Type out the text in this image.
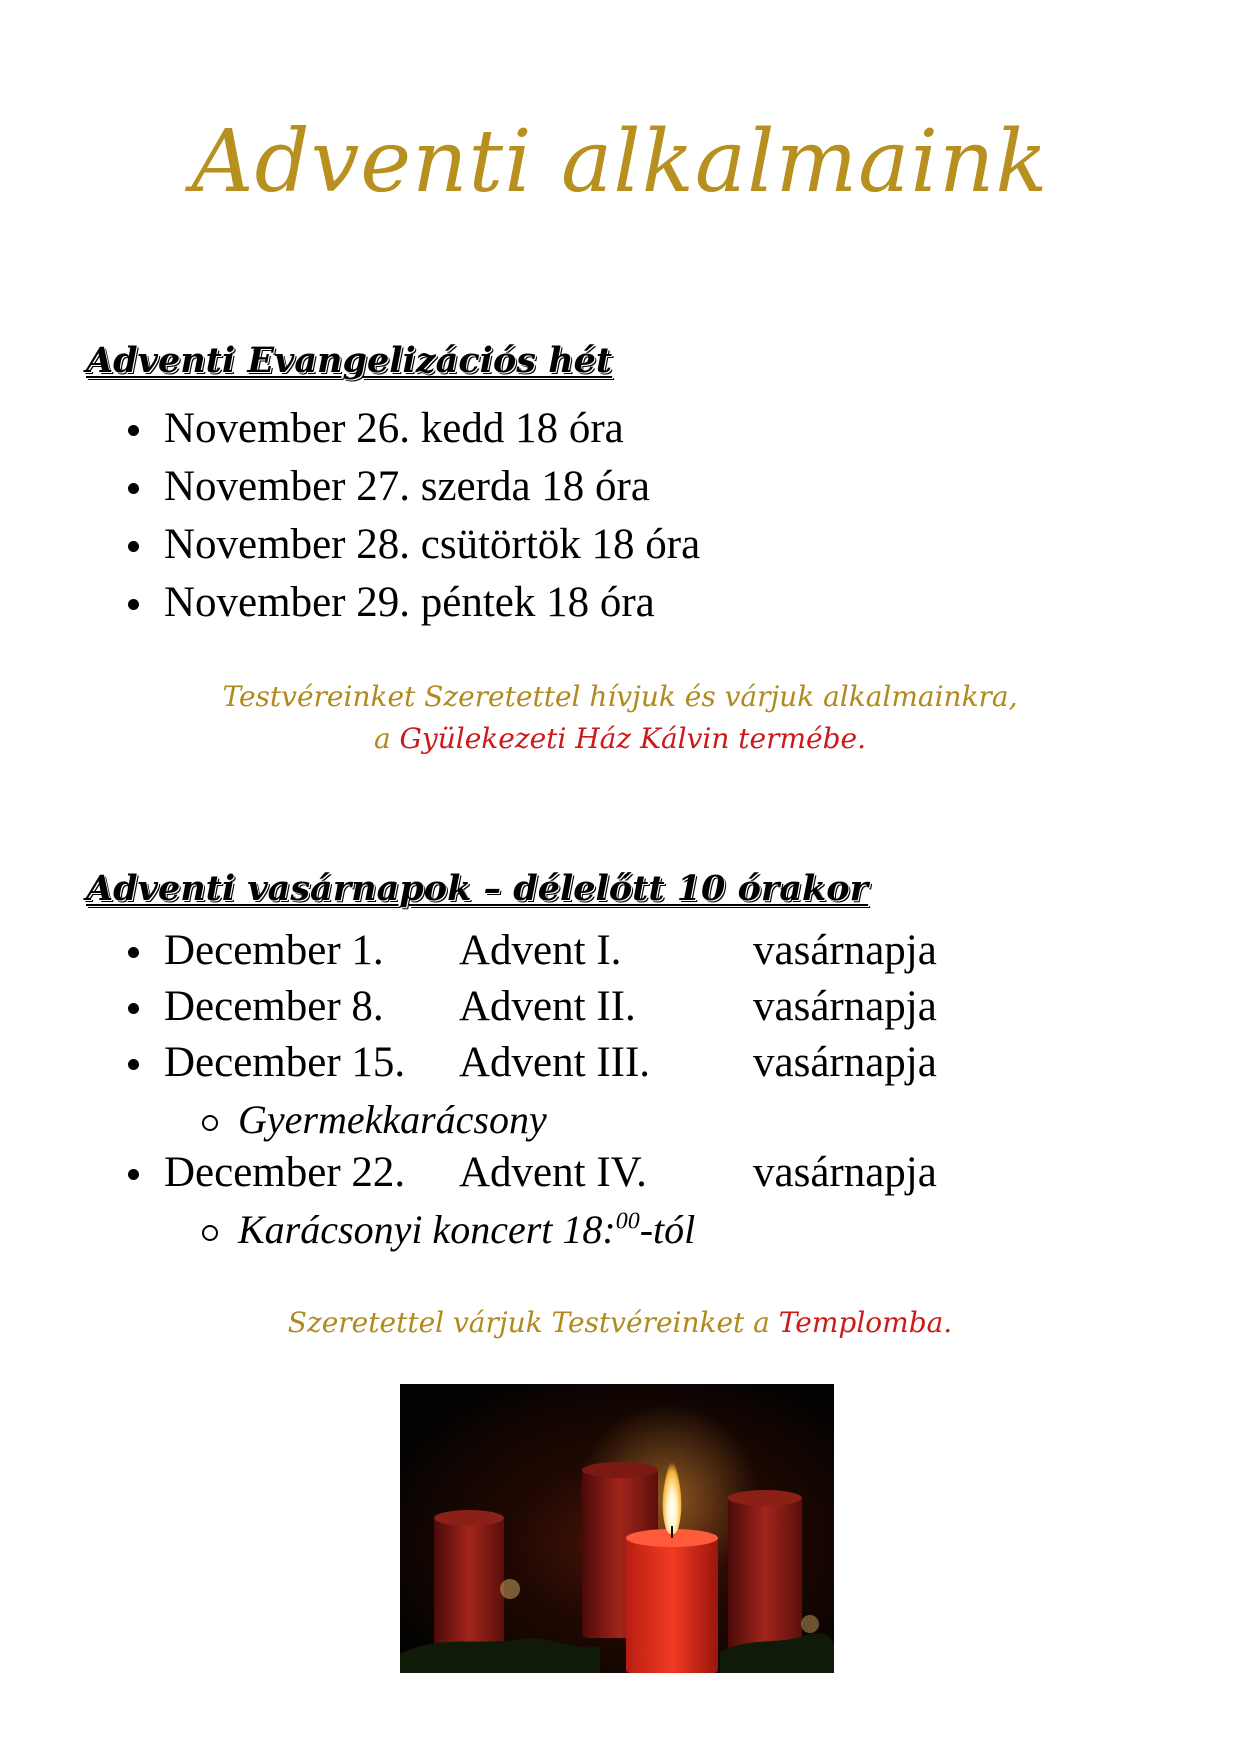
Adventi alkalmaink
Adventi Evangelizációs hét
November 26. kedd 18 óra
November 27. szerda 18 óra
November 28. csütörtök 18 óra
November 29. péntek 18 óra

Testvéreinket Szeretettel hívjuk és várjuk alkalmainkra,

a Gyülekezeti Ház Kálvin termébe.

Adventi vasárnapok – délelőtt 10 órakor
December 1. Advent I.	vasárnapja
December 8. Advent II.	vasárnapja
December 15. Advent III. vasárnapja
Gyermekkarácsony
December 22. Advent IV. vasárnapja
Karácsonyi koncert 18:$^{00}$-tól

Szeretettel várjuk Testvéreinket a Templomba.
